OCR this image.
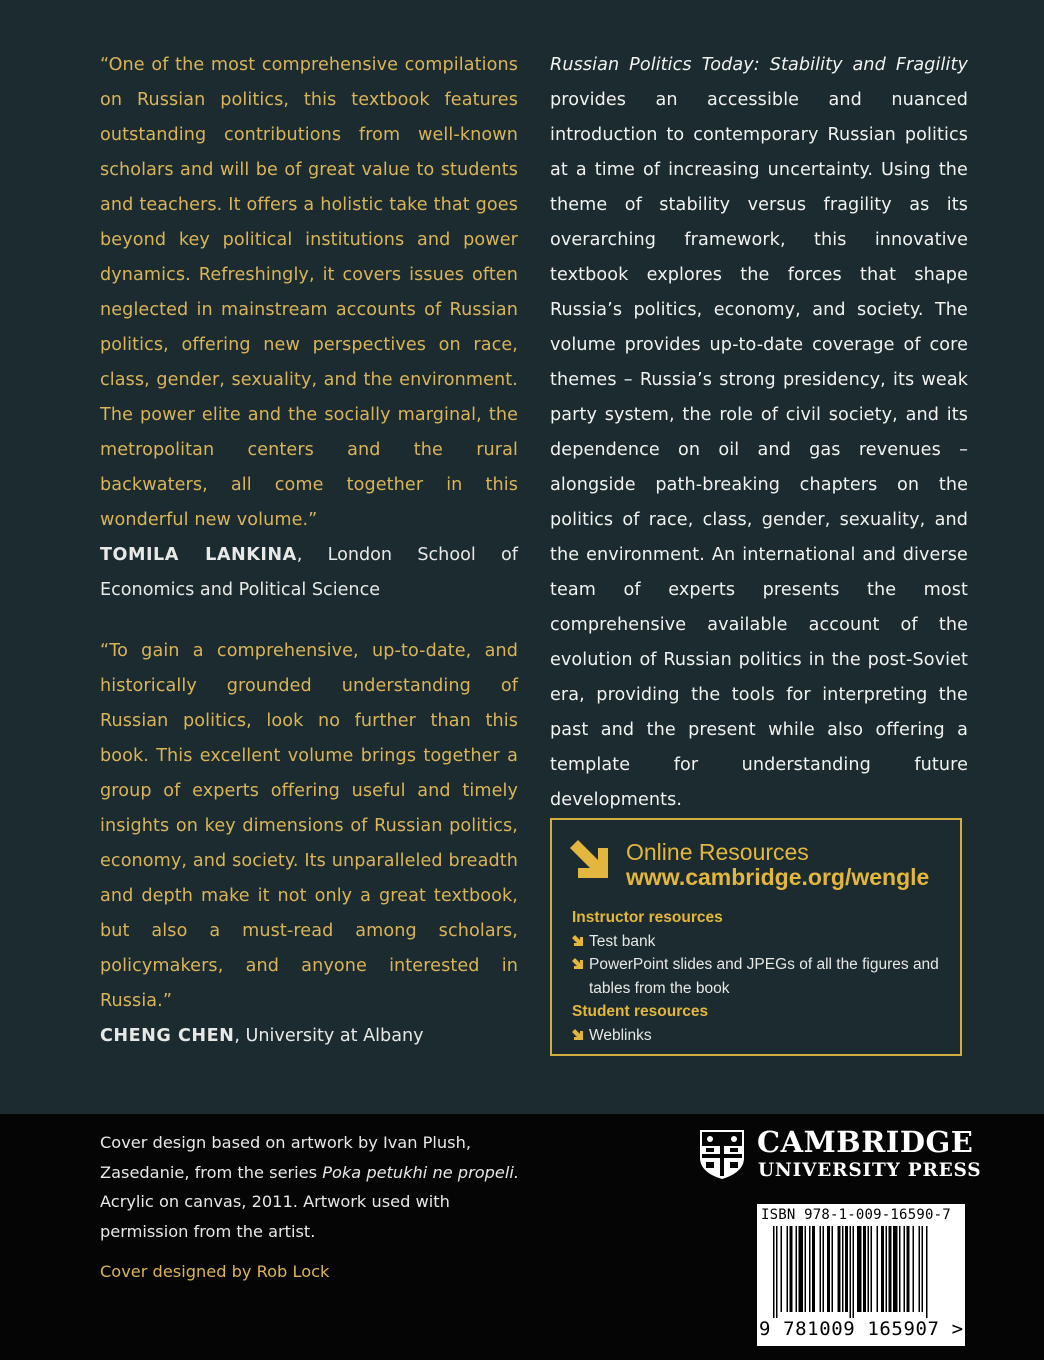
“One of the most comprehensive compilations on Russian politics, this textbook features outstanding contributions from well-known scholars and will be of great value to students and teachers. It offers a holistic take that goes beyond key political institutions and power dynamics. Refreshingly, it covers issues often neglected in mainstream accounts of Russian politics, offering new perspectives on race, class, gender, sexuality, and the environment. The power elite and the socially marginal, the metropolitan centers and the rural backwaters, all come together in this wonderful new volume.”

TOMILA LANKINA, London School of Economics and Political Science

“To gain a comprehensive, up-to-date, and historically grounded understanding of Russian politics, look no further than this book. This excellent volume brings together a group of experts offering useful and timely insights on key dimensions of Russian politics, economy, and society. Its unparalleled breadth and depth make it not only a great textbook, but also a must-read among scholars, policymakers, and anyone interested in Russia.”

CHENG CHEN, University at Albany

Russian Politics Today: Stability and Fragility provides an accessible and nuanced introduction to contemporary Russian politics at a time of increasing uncertainty. Using the theme of stability versus fragility as its overarching framework, this innovative textbook explores the forces that shape Russia’s politics, economy, and society. The volume provides up-to-date coverage of core themes – Russia’s strong presidency, its weak party system, the role of civil society, and its dependence on oil and gas revenues – alongside path-breaking chapters on the politics of race, class, gender, sexuality, and the environment. An international and diverse team of experts presents the most comprehensive available account of the evolution of Russian politics in the post-Soviet era, providing the tools for interpreting the past and the present while also offering a template for understanding future developments.

Online Resources
www.cambridge.org/wengle
Instructor resources
Test bank
PowerPoint slides and JPEGs of all the figures and tables from the book
Student resources
Weblinks
Cover design based on artwork by Ivan Plush, Zasedanie, from the series Poka petukhi ne propeli. Acrylic on canvas, 2011. Artwork used with permission from the artist.
Cover designed by Rob Lock
CAMBRIDGE
UNIVERSITY PRESS
ISBN 978-1-009-16590-7
9 781009 165907 >
